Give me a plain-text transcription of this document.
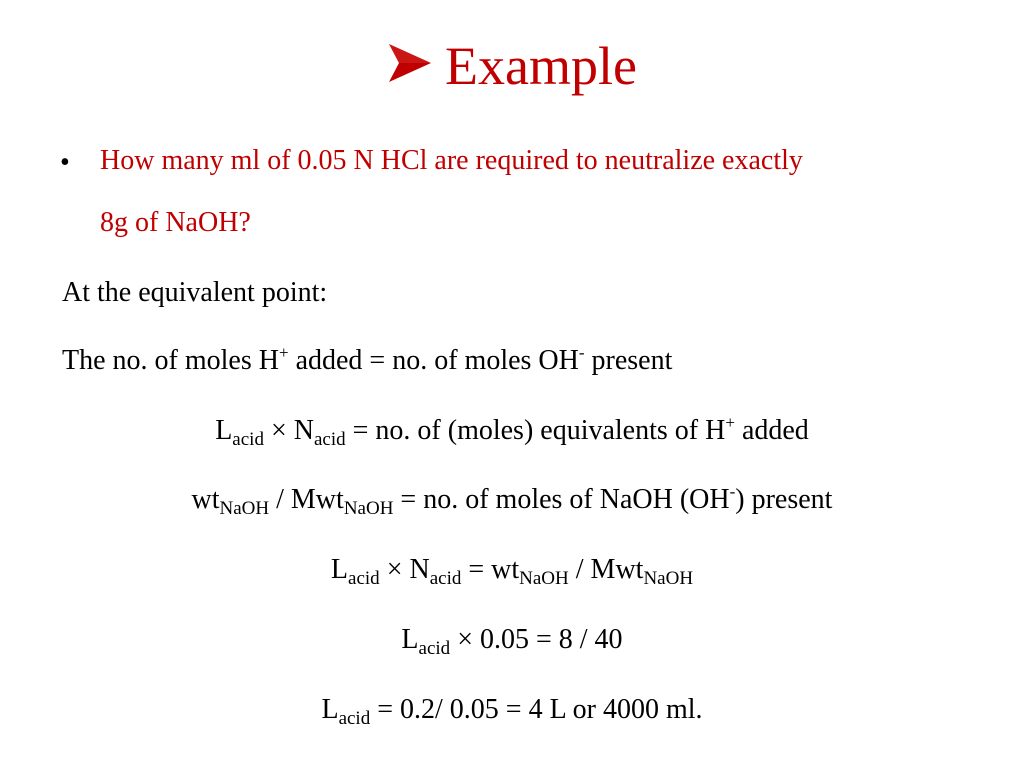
Example
• How many ml of 0.05 N HCl are required to neutralize exactly
8g of NaOH?
At the equivalent point:
The no. of moles H+ added = no. of moles OH- present
$L_{acid} \times N_{acid}$ = no. of (moles) equivalents of H+ added
$wt_{NaOH} / Mwt_{NaOH}$ = no. of moles of NaOH (OH-) present
$L_{acid} \times N_{acid} = wt_{NaOH} / Mwt_{NaOH}$
$L_{acid} \times 0.05 = 8 / 40$
$L_{acid} = 0.2/$ 0.05 = 4 L or 4000 ml.
